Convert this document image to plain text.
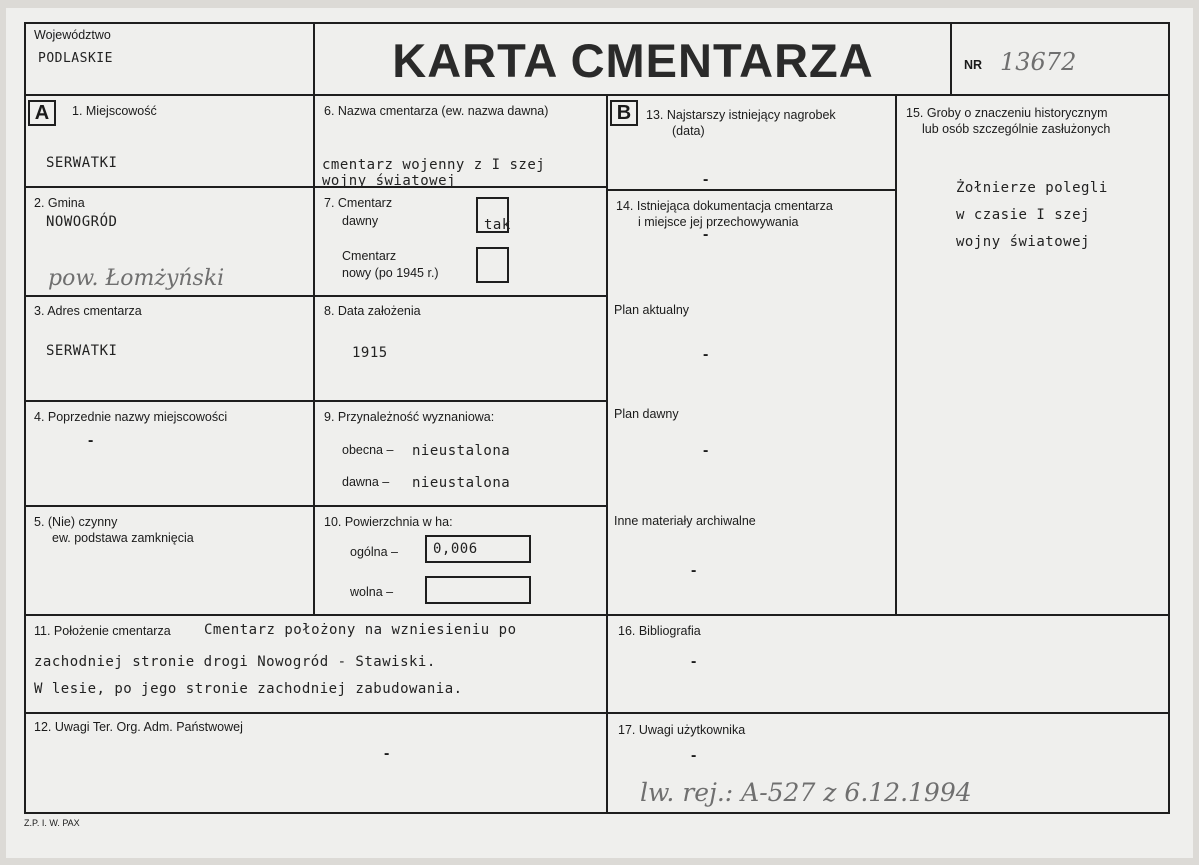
Województwo
PODLASKIE	KARTA CMENTARZA	NR 13672
A	B
1. Miejscowość
SERWATKI
2. Gmina
NOWOGRÓD
pow. Łomżyński
3. Adres cmentarza
SERWATKI
4. Poprzednie nazwy miejscowości
-
5. (Nie) czynny
ew. podstawa zamknięcia
6. Nazwa cmentarza (ew. nazwa dawna)
cmentarz wojenny z I szej
wojny światowej
7. Cmentarz
dawny	tak
Cmentarz
nowy (po 1945 r.)
8. Data założenia
1915
9. Przynależność wyznaniowa:
obecna – nieustalona
dawna – nieustalona
10. Powierzchnia w ha:
ogólna –	0,006
wolna –
11. Położenie cmentarza Cmentarz położony na wzniesieniu po
zachodniej stronie drogi Nowogród - Stawiski.
W lesie, po jego stronie zachodniej zabudowania.
12. Uwagi Ter. Org. Adm. Państwowej
-
13. Najstarszy istniejący nagrobek
(data)
-
14. Istniejąca dokumentacja cmentarza
i miejsce jej przechowywania
-
Plan aktualny
-
Plan dawny
-
Inne materiały archiwalne
-
15. Groby o znaczeniu historycznym
lub osób szczególnie zasłużonych
Żołnierze polegli
w czasie I szej
wojny światowej
16. Bibliografia
-
17. Uwagi użytkownika
-
lw. rej.: A-527 z 6.12.1994
Z.P. I. W. PAX
